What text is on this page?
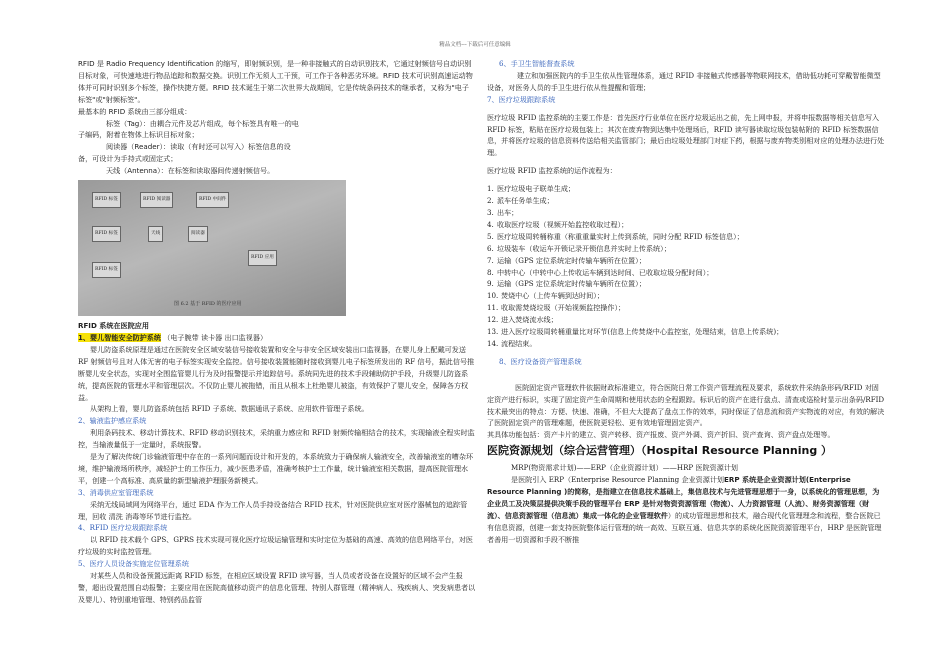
精品文档---下载后可任意编辑

RFID 是 Radio Frequency Identification 的缩写，即射频识别，是一种非接触式的自动识别技术，它通过射频信号自动识别目标对象，可快速地进行物品追踪和数据交换。识别工作无须人工干预，可工作于各种恶劣环境。RFID 技术可识别高速运动物体并可同时识别多个标签，操作快捷方便。RFID 技术诞生于第二次世界大战期间，它是传统条码技术的继承者，又称为"电子标签"或"射频标签"。

最基本的 RFID 系统由三部分组成：

标签（Tag）：由耦合元件及芯片组成，每个标签具有唯一的电

子编码，附着在物体上标识目标对象；

阅读器（Reader）：读取（有时还可以写入）标签信息的设

备，可设计为手持式或固定式；

天线（Antenna）：在标签和读取器间传递射频信号。

RFID 标签	RFID 阅读器	RFID 中间件
RFID 标签	天线	阅读器
RFID 标签
RFID 应用
图 6.2 基于 RFID 的医疗应用

RFID 系统在医院应用

1、婴儿智能安全防护系统 （电子腕带 读卡器 出口监视器）

婴儿防盗系统原理是通过在医院安全区域安装信号接收装置和安全与非安全区域安装出口监视器，在婴儿身上配戴可发送 RF 射频信号且对人体无害的电子标签实现安全监控。信号接收装置能随时接收到婴儿电子标签所发出的 RF 信号，据此信号推断婴儿安全状态，实现对全围监管婴儿行为及时报警提示并追踪信号。系统同先进的技术手段辅助防护手段，升级婴儿防盗系统，提高医院的管理水平和管理层次。不仅防止婴儿被拖错，而且从根本上杜绝婴儿被盗，有效保护了婴儿安全，保障各方权益。

从架构上看，婴儿防盗系统包括 RFID 子系统、数据通讯子系统、应用软件管理子系统。

2、输液监护感应系统

利用条码技术、移动计算技术、RFID 移动识别技术，采纳重力感应和 RFID 射频传输相结合的技术，实现输液全程实时监控，当输液量低于一定量时，系统报警。

是为了解决传统门诊输液管理中存在的一系列问题而设计和开发的，本系统致力于确保病人输液安全，改善输液室的嘈杂环境，维护输液场所秩序，减轻护士的工作压力，减少医患矛盾，准确考核护士工作量，统计输液室相关数据，提高医院管理水平，创建一个高标准、高质量的新型输液护理服务新模式。

3、消毒供应室管理系统

采纳无线局域网为网络平台，通过 EDA 作为工作人员手持设备结合 RFID 技术，针对医院供应室对医疗器械包的追踪管理，回收 清洗 消毒等环节进行监控。

4、RFID 医疗垃圾跟踪系统

以 RFID 技术载个 GPS、GPRS 技术实现可视化医疗垃圾运输管理和实时定位为基础的高速、高效的信息网络平台，对医疗垃圾的实时监控管理。

5、医疗人员设备实施定位管理系统

对某些人员和设备预置远距离 RFID 标签，在相应区域设置 RFID 读写器，当人员或者设备在设置好的区域不会产生报警，超出设置范围自动报警；主要应用在医院高值移动资产的信息化管理、特别人群管理（精神病人、残疾病人、突发病患者以及婴儿）、特别重地管理、特别药品监管

6、手卫生智能督查系统

建立和加强医院内的手卫生依从性管理体系，通过 RFID 非接触式传感器等物联网技术，借助低功耗可穿戴智能微型设备，对医务人员的手卫生进行依从性提醒和管理；

7、医疗垃圾跟踪系统

医疗垃圾 RFID 监控系统的主要工作是：首先医疗行业单位在医疗垃圾运出之前，先上网申报，并将申报数据等相关信息写入 RFID 标签，粘贴在医疗垃圾包装上；其次在废弃物到达集中处理场后，RFID 读写器读取垃圾包装帖附的 RFID 标签数据信息，并将医疗垃圾的信息资料传送给相关监管部门；最后由垃圾处理部门对症下药，根据与废弃物类别相对应的处理办法进行处理。

医疗垃圾 RFID 监控系统的运作流程为：

1. 医疗垃圾电子联单生成；
2. 派车任务单生成；
3. 出车；
4. 收取医疗垃圾（视频开始监控收取过程）；
5. 医疗垃圾周转桶称重（称重重量实时上传到系统，同时分配 RFID 标签信息）；
6. 垃圾装车（收运车开锁记录开锁信息并实时上传系统）；
7. 运输（GPS 定位系统定时传输车辆所在位置）；
8. 中转中心（中转中心上传收运车辆到达时间、已收取垃圾分配时间）；
9. 运输（GPS 定位系统定时传输车辆所在位置）；
10. 焚烧中心（上传车辆到达时间）；
11. 收取需焚烧垃圾（开始视频监控操作）；
12. 进入焚烧流水线；
13. 进入医疗垃圾周转桶重量比对环节(信息上传焚烧中心监控室，处理结束，信息上传系统)；
14. 流程结束。

8、医疗设备资产管理系统

医院固定资产管理软件依据财政标准建立，符合医院日常工作资产管理流程及要求，系统软件采纳条形码/RFID 对固定资产进行标识，实现了固定资产生命周期和使用状态的全程跟踪。标识后的资产在进行盘点、清查或巡检时显示出条码/RFID 技术最突出的特点：方便、快速、准确，不但大大提高了盘点工作的效率，同时保证了信息流和资产实物流的对应，有效的解决了医院固定资产的管理难题，使医院更轻松、更有效地管理固定资产。

其具体功能包括：资产卡片的建立、资产转移、资产报废、资产外调、资产折旧、资产查询、资产盘点处理等。

医院资源规划（综合运营管理）（Hospital Resource Planning ）

MRP(物资需求计划)——ERP（企业资源计划）——HRP 医院资源计划

是医院引入 ERP（Enterprise Resource Planning 企业资源计划ERP 系统是企业资源计划(Enterprise Resource Planning )的简称，是指建立在信息技术基础上，集信息技术与先进管理思想于一身，以系统化的管理思想，为企业员工及决策层提供决策手段的管理平台 ERP 是针对物资资源管理（物流）、人力资源管理（人流）、财务资源管理（财流）、信息资源管理（信息流）集成一体化的企业管理软件）的成功管理思想和技术，融合现代化管理理念和流程，整合医院已有信息资源，创建一套支持医院整体运行管理的统一高效、互联互通、信息共享的系统化医院资源管理平台，HRP 是医院管理者善用一切资源和手段不断推
